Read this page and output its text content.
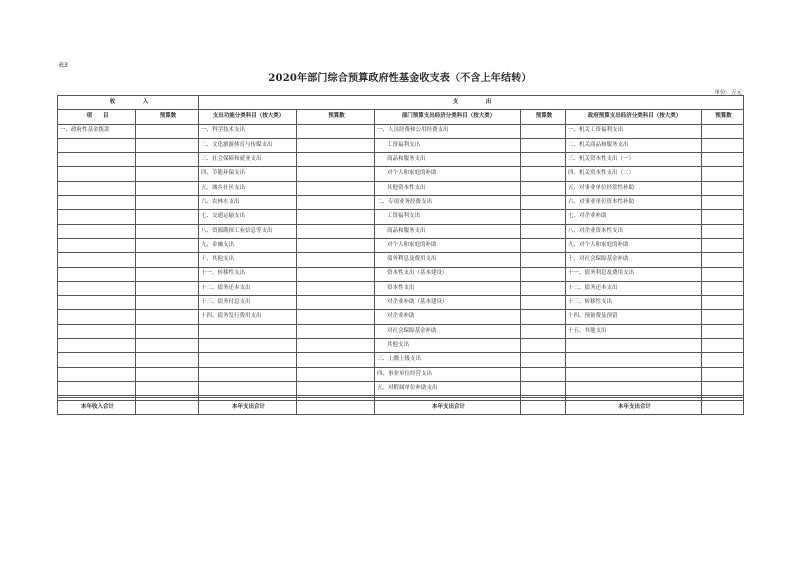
表3
2020年部门综合预算政府性基金收支表（不含上年结转）
单位：万元
收　　　　　入		支　　　　　出					
项　　目	预算数	支出功能分类科目（按大类）	预算数	部门预算支出经济分类科目（按大类）	预算数	政府预算支出经济分类科目（按大类）	预算数
一、政府性基金拨款		一、科学技术支出		一、人员经费和公用经费支出		一、机关工资福利支出	
		二、文化旅游体育与传媒支出		工资福利支出		二、机关商品和服务支出	
		三、社会保障和就业支出		商品和服务支出		三、机关资本性支出（一）	
		四、节能环保支出		对个人和家庭的补助		四、机关资本性支出（二）	
		五、城乡社区支出		其他资本性支出		五、对事业单位经常性补助	
		六、农林水支出		二、专项业务经费支出		六、对事业单位资本性补助	
		七、交通运输支出		工资福利支出		七、对企业补助	
		八、资源勘探工业信息等支出		商品和服务支出		八、对企业资本性支出	
		九、金融支出		对个人和家庭的补助		九、对个人和家庭的补助	
		十、其他支出		债务利息及费用支出		十、对社会保障基金补助	
		十一、转移性支出		资本性支出（基本建设）		十一、债务利息及费用支出	
		十二、债务还本支出		资本性支出		十二、债务还本支出	
		十三、债务付息支出		对企业补助（基本建设）		十三、转移性支出	
		十四、债务发行费用支出		对企业补助		十四、预备费及预留	
				对社会保障基金补助		十五、其他支出	
				其他支出			
				三、上缴上级支出			
				四、事业单位经营支出			
				五、对附属单位补助支出			

本年收入合计		本年支出合计		本年支出合计		本年支出合计	
